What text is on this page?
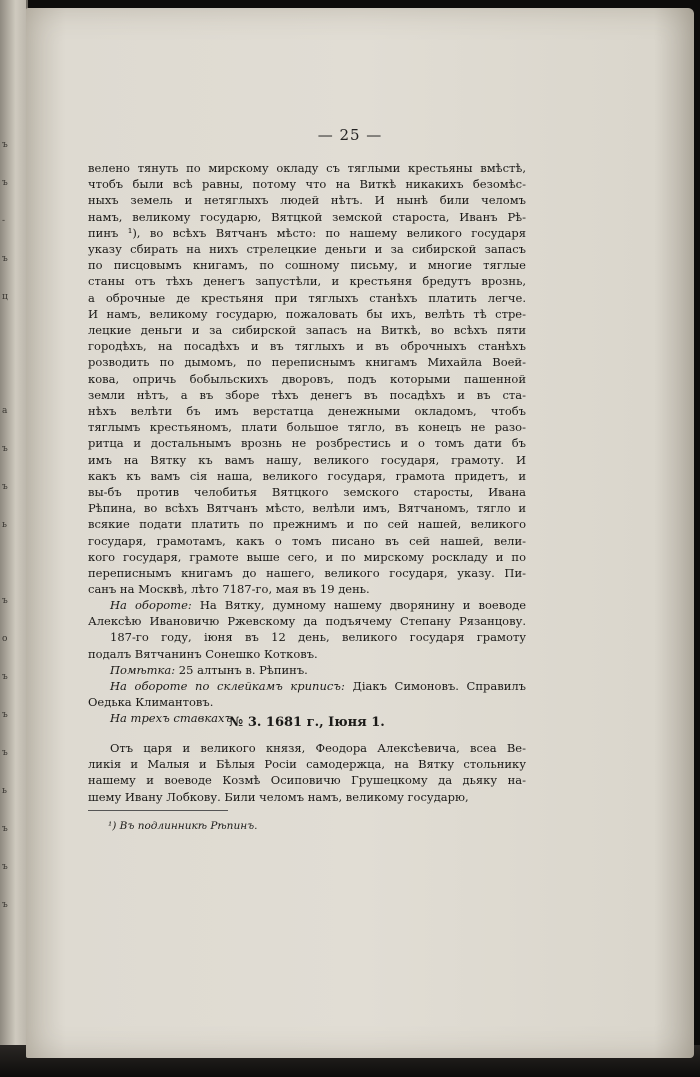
ъ
ъ
-
ъ
ц
а
ъ
ъ
ь
ъ
о
ъ
ъ
ъ
ь
ъ
ъ
ъ
— 25 —
велено тянуть по мирскому окладу съ тяглыми крестьяны вмѣстѣ,
чтобъ были всѣ равны, потому что на Виткѣ никакихъ безомѣс-
ныхъ земель и нетяглыхъ людей нѣтъ. И нынѣ били челомъ
намъ, великому государю, Вятцкой земской староста, Иванъ Рѣ-
пинъ ¹), во всѣхъ Вятчанъ мѣсто: по нашему великого государя
указу сбирать на нихъ стрелецкие деньги и за сибирской запасъ
по писцовымъ книгамъ, по сошному письму, и многие тяглые
станы отъ тѣхъ денегъ запустѣли, и крестьяня бредутъ врознь,
а оброчные де крестьяня при тяглыхъ станѣхъ платить легче.
И намъ, великому государю, пожаловать бы ихъ, велѣть тѣ стре-
лецкие деньги и за сибирской запасъ на Виткѣ, во всѣхъ пяти
городѣхъ, на посадѣхъ и въ тяглыхъ и въ оброчныхъ станѣхъ
розводить по дымомъ, по переписнымъ книгамъ Михайла Воей-
кова, опричь бобыльскихъ дворовъ, подъ которыми пашенной
земли нѣтъ, а въ зборе тѣхъ денегъ въ посадѣхъ и въ ста-
нѣхъ велѣти бъ имъ верстатца денежными окладомъ, чтобъ
тяглымъ крестьяномъ, плати большое тягло, въ конецъ не разо-
ритца и достальнымъ врознь не розбрестись и о томъ дати бъ
имъ на Вятку къ вамъ нашу, великого государя, грамоту. И
какъ къ вамъ сія наша, великого государя, грамота придетъ, и
вы-бъ против челобитья Вятцкого земского старосты, Ивана
Рѣпина, во всѣхъ Вятчанъ мѣсто, велѣли имъ, Вятчаномъ, тягло и
всякие подати платить по прежнимъ и по сей нашей, великого
государя, грамотамъ, какъ о томъ писано въ сей нашей, вели-
кого государя, грамоте выше сего, и по мирскому роскладу и по
переписнымъ книгамъ до нашего, великого государя, указу. Пи-
санъ на Москвѣ, лѣто 7187-го, мая въ 19 день.
На обороте: На Вятку, думному нашему дворянину и воеводе
Алексѣю Ивановичю Ржевскому да подъячему Степану Рязанцову.
187-го году, iюня въ 12 день, великого государя грамоту
подалъ Вятчанинъ Сонешко Котковъ.
Помѣтка: 25 алтынъ в. Рѣпинъ.
На обороте по склейкамъ криписъ: Дiакъ Симоновъ. Справилъ
Оедька Климантовъ.
На трехъ ставкахъ.
№ 3. 1681 г., Iюня 1.
Отъ царя и великого князя, Феодора Алексѣевича, всеа Ве-
ликiя и Малыя и Бѣлыя Росiи самодержца, на Вятку стольнику
нашему и воеводе Козмѣ Осиповичю Грушецкому да дьяку на-
шему Ивану Лобкову. Били челомъ намъ, великому государю,
¹) Въ подлинникѣ Рѣпинъ.
